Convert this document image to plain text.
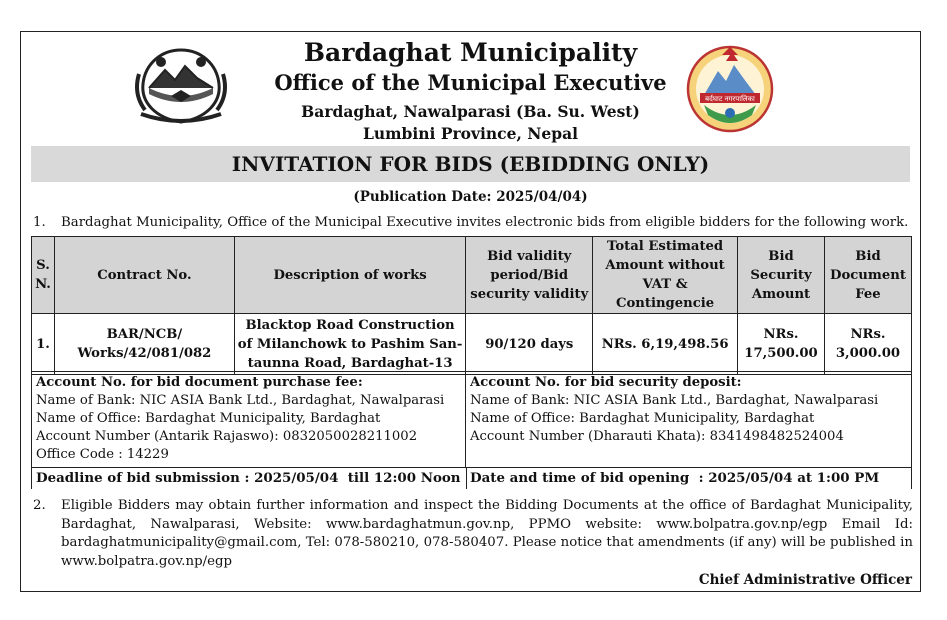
Bardaghat Municipality
Office of the Municipal Executive
Bardaghat, Nawalparasi (Ba. Su. West)
Lumbini Province, Nepal
बर्दघाट नगरपालिका
INVITATION FOR BIDS (EBIDDING ONLY)
(Publication Date: 2025/04/04)
1. Bardaghat Municipality, Office of the Municipal Executive invites electronic bids from eligible bidders for the following work.
S. N.	Contract No.	Description of works	Bid validity period/Bid security validity	Total Estimated Amount without VAT & Contingencie	Bid Security Amount	Bid Document Fee
1.	BAR/NCB/ Works/42/081/082	Blacktop Road Construction of Milanchowk to Pashim San-taunna Road, Bardaghat-13	90/120 days	NRs. 6,19,498.56	NRs. 17,500.00	NRs. 3,000.00
Account No. for bid document purchase fee:
Name of Bank: NIC ASIA Bank Ltd., Bardaghat, Nawalparasi
Name of Office: Bardaghat Municipality, Bardaghat
Account Number (Antarik Rajaswo): 0832050028211002
Office Code : 14229
Account No. for bid security deposit:
Name of Bank: NIC ASIA Bank Ltd., Bardaghat, Nawalparasi
Name of Office: Bardaghat Municipality, Bardaghat
Account Number (Dharauti Khata): 8341498482524004
Deadline of bid submission : 2025/05/04  till 12:00 Noon Date and time of bid opening  : 2025/05/04 at 1:00 PM
2. Eligible Bidders may obtain further information and inspect the Bidding Documents at the office of Bardaghat Municipality, Bardaghat, Nawalparasi, Website: www.bardaghatmun.gov.np, PPMO website: www.bolpatra.gov.np/egp Email Id: bardaghatmunicipality@gmail.com, Tel: 078-580210, 078-580407. Please notice that amendments (if any) will be published in www.bolpatra.gov.np/egp
Chief Administrative Officer
